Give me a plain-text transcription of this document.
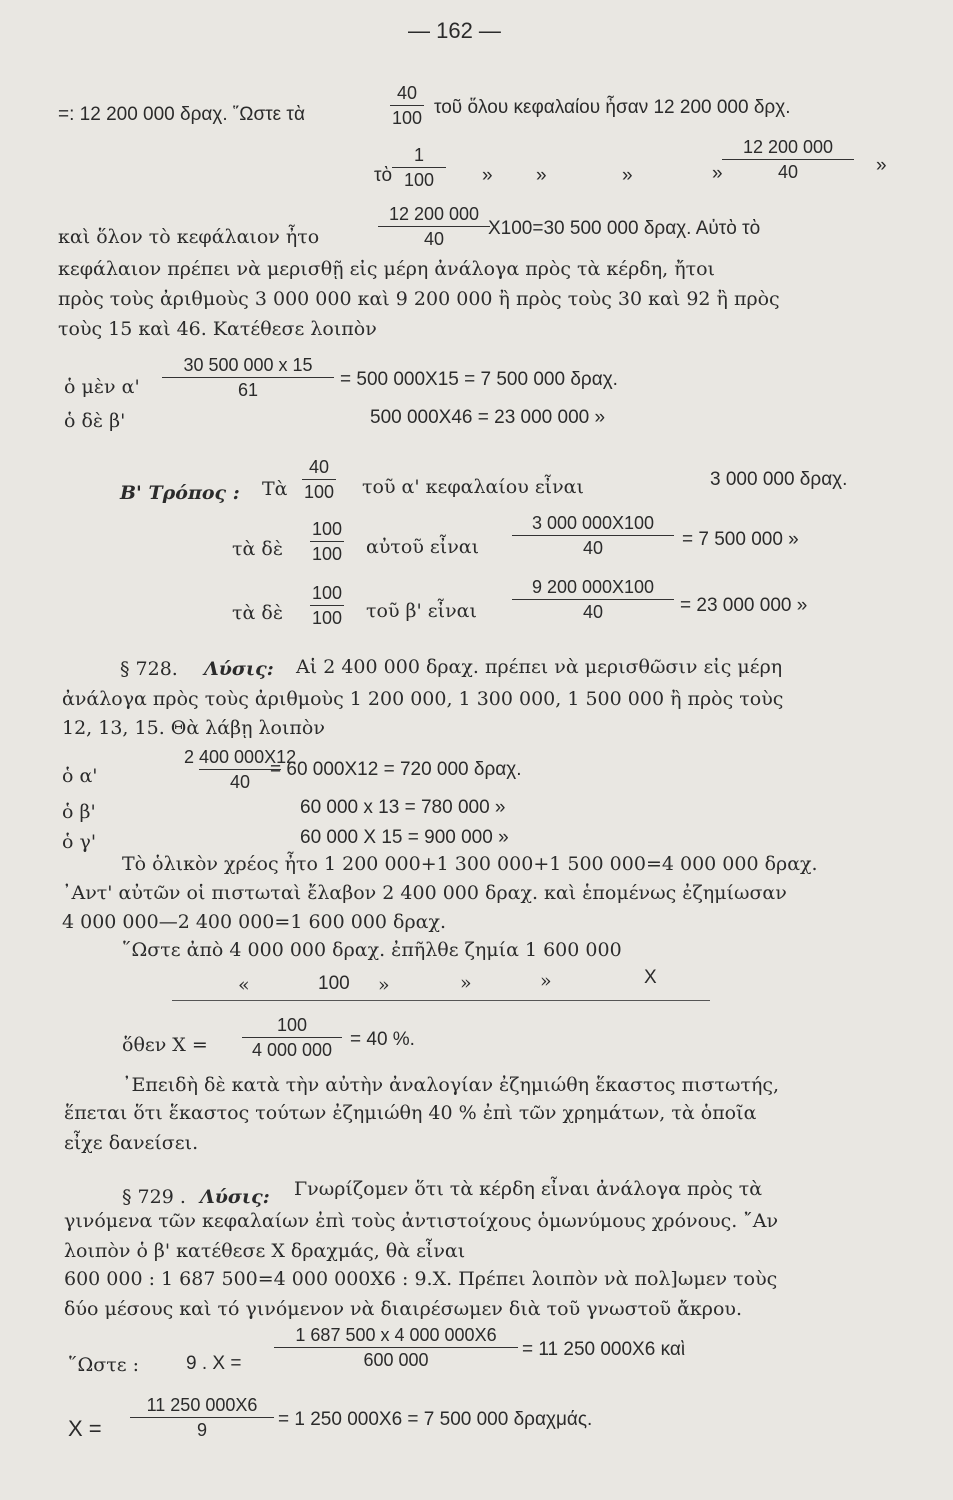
— 162 —
=: 12 200 000 δραχ. ῞Ωστε τὰ	$\frac{40}{100}$ τοῦ ὅλου κεφαλαίου ἦσαν 12 200 000 δρχ.
τὸ $\frac{1}{100}$ » »	»	» $\frac{12 200 000}{40}$ »
καὶ ὅλον τὸ κεφάλαιον ἦτο	$\frac{12 200 000}{40}$
X100=30 500 000 δραχ. Αὐτὸ τὸ
κεφάλαιον πρέπει νὰ μερισθῇ εἰς μέρη ἀνάλογα πρὸς τὰ κέρδη, ἤτοι
πρὸς τοὺς ἀριθμοὺς 3 000 000 καὶ 9 200 000 ἢ πρὸς τοὺς 30 καὶ 92 ἢ πρὸς
τοὺς 15 καὶ 46. Κατέθεσε λοιπὸν
ὁ μὲν $\alpha' \frac{30 500 000 x 15}{61} = 500$ 000X15 = 7 500 000 δραχ.
ὁ δὲ β'	500 000X46 = 23 000 000 »
Β' Τρόπος : Τὰ $\frac{40}{100}$ τοῦ α' κεφαλαίου εἶναι	3 000 000 δραχ.
τὰ δὲ $\frac{100}{100}$ αὐτοῦ εἶναι $\frac{3 000 000X100}{40} = 7$ 500 000 »
τὰ δὲ $\frac{100}{100}$ τοῦ β' εἶναι $\frac{9 200 000X100}{40} = 23$ 000 000 »
§ 728. Λύσις: Αἱ 2 400 000 δραχ. πρέπει νὰ μερισθῶσιν εἰς μέρη
ἀνάλογα πρὸς τοὺς ἀριθμοὺς 1 200 000, 1 300 000, 1 500 000 ἢ πρὸς τοὺς
12, 13, 15. Θὰ λάβῃ λοιπὸν
ὁ α'	$\frac{2 400 000X12}{40}$
= 60 000X12 = 720 000 δραχ.
ὁ β'	60 000 x 13 = 780 000 »
ὁ γ'	60 000 X 15 = 900 000 »
Τὸ ὁλικὸν χρέος ἦτο 1 200 000+1 300 000+1 500 000=4 000 000 δραχ.
᾿Αντ' αὐτῶν οἱ πιστωταὶ ἔλαβον 2 400 000 δραχ. καὶ ἑπομένως ἐζημίωσαν
4 000 000—2 400 000=1 600 000 δραχ.
῞Ωστε ἀπὸ 4 000 000 δραχ. ἐπῆλθε ζημία 1 600 000
«	100 »	»	»	X
ὅθεν $X = \frac{100}{4 000 000} = 40$ %.
᾿Επειδὴ δὲ κατὰ τὴν αὐτὴν ἀναλογίαν ἐζημιώθη ἕκαστος πιστωτής,
ἕπεται ὅτι ἕκαστος τούτων ἐζημιώθη 40 % ἐπὶ τῶν χρημάτων, τὰ ὁποῖα
εἶχε δανείσει.
§ 729 . Λύσις: Γνωρίζομεν ὅτι τὰ κέρδη εἶναι ἀνάλογα πρὸς τὰ
γινόμενα τῶν κεφαλαίων ἐπὶ τοὺς ἀντιστοίχους ὁμωνύμους χρόνους. ῎Αν
λοιπὸν ὁ β' κατέθεσε X δραχμάς, θὰ εἶναι
600 000 : 1 687 500=4 000 000X6 : 9.X. Πρέπει λοιπὸν νὰ πολ]ωμεν τοὺς
δύο μέσους καὶ τό γινόμενον νὰ διαιρέσωμεν διὰ τοῦ γνωστοῦ ἄκρου.
῞Ωστε : 9 . $X = \frac{1 687 500 x 4 000 000X6}{600 000} = 11$ 250 000X6 καὶ
$X = \frac{11 250 000X6}{9} = 1$ 250 000X6 = 7 500 000 δραχμάς.
